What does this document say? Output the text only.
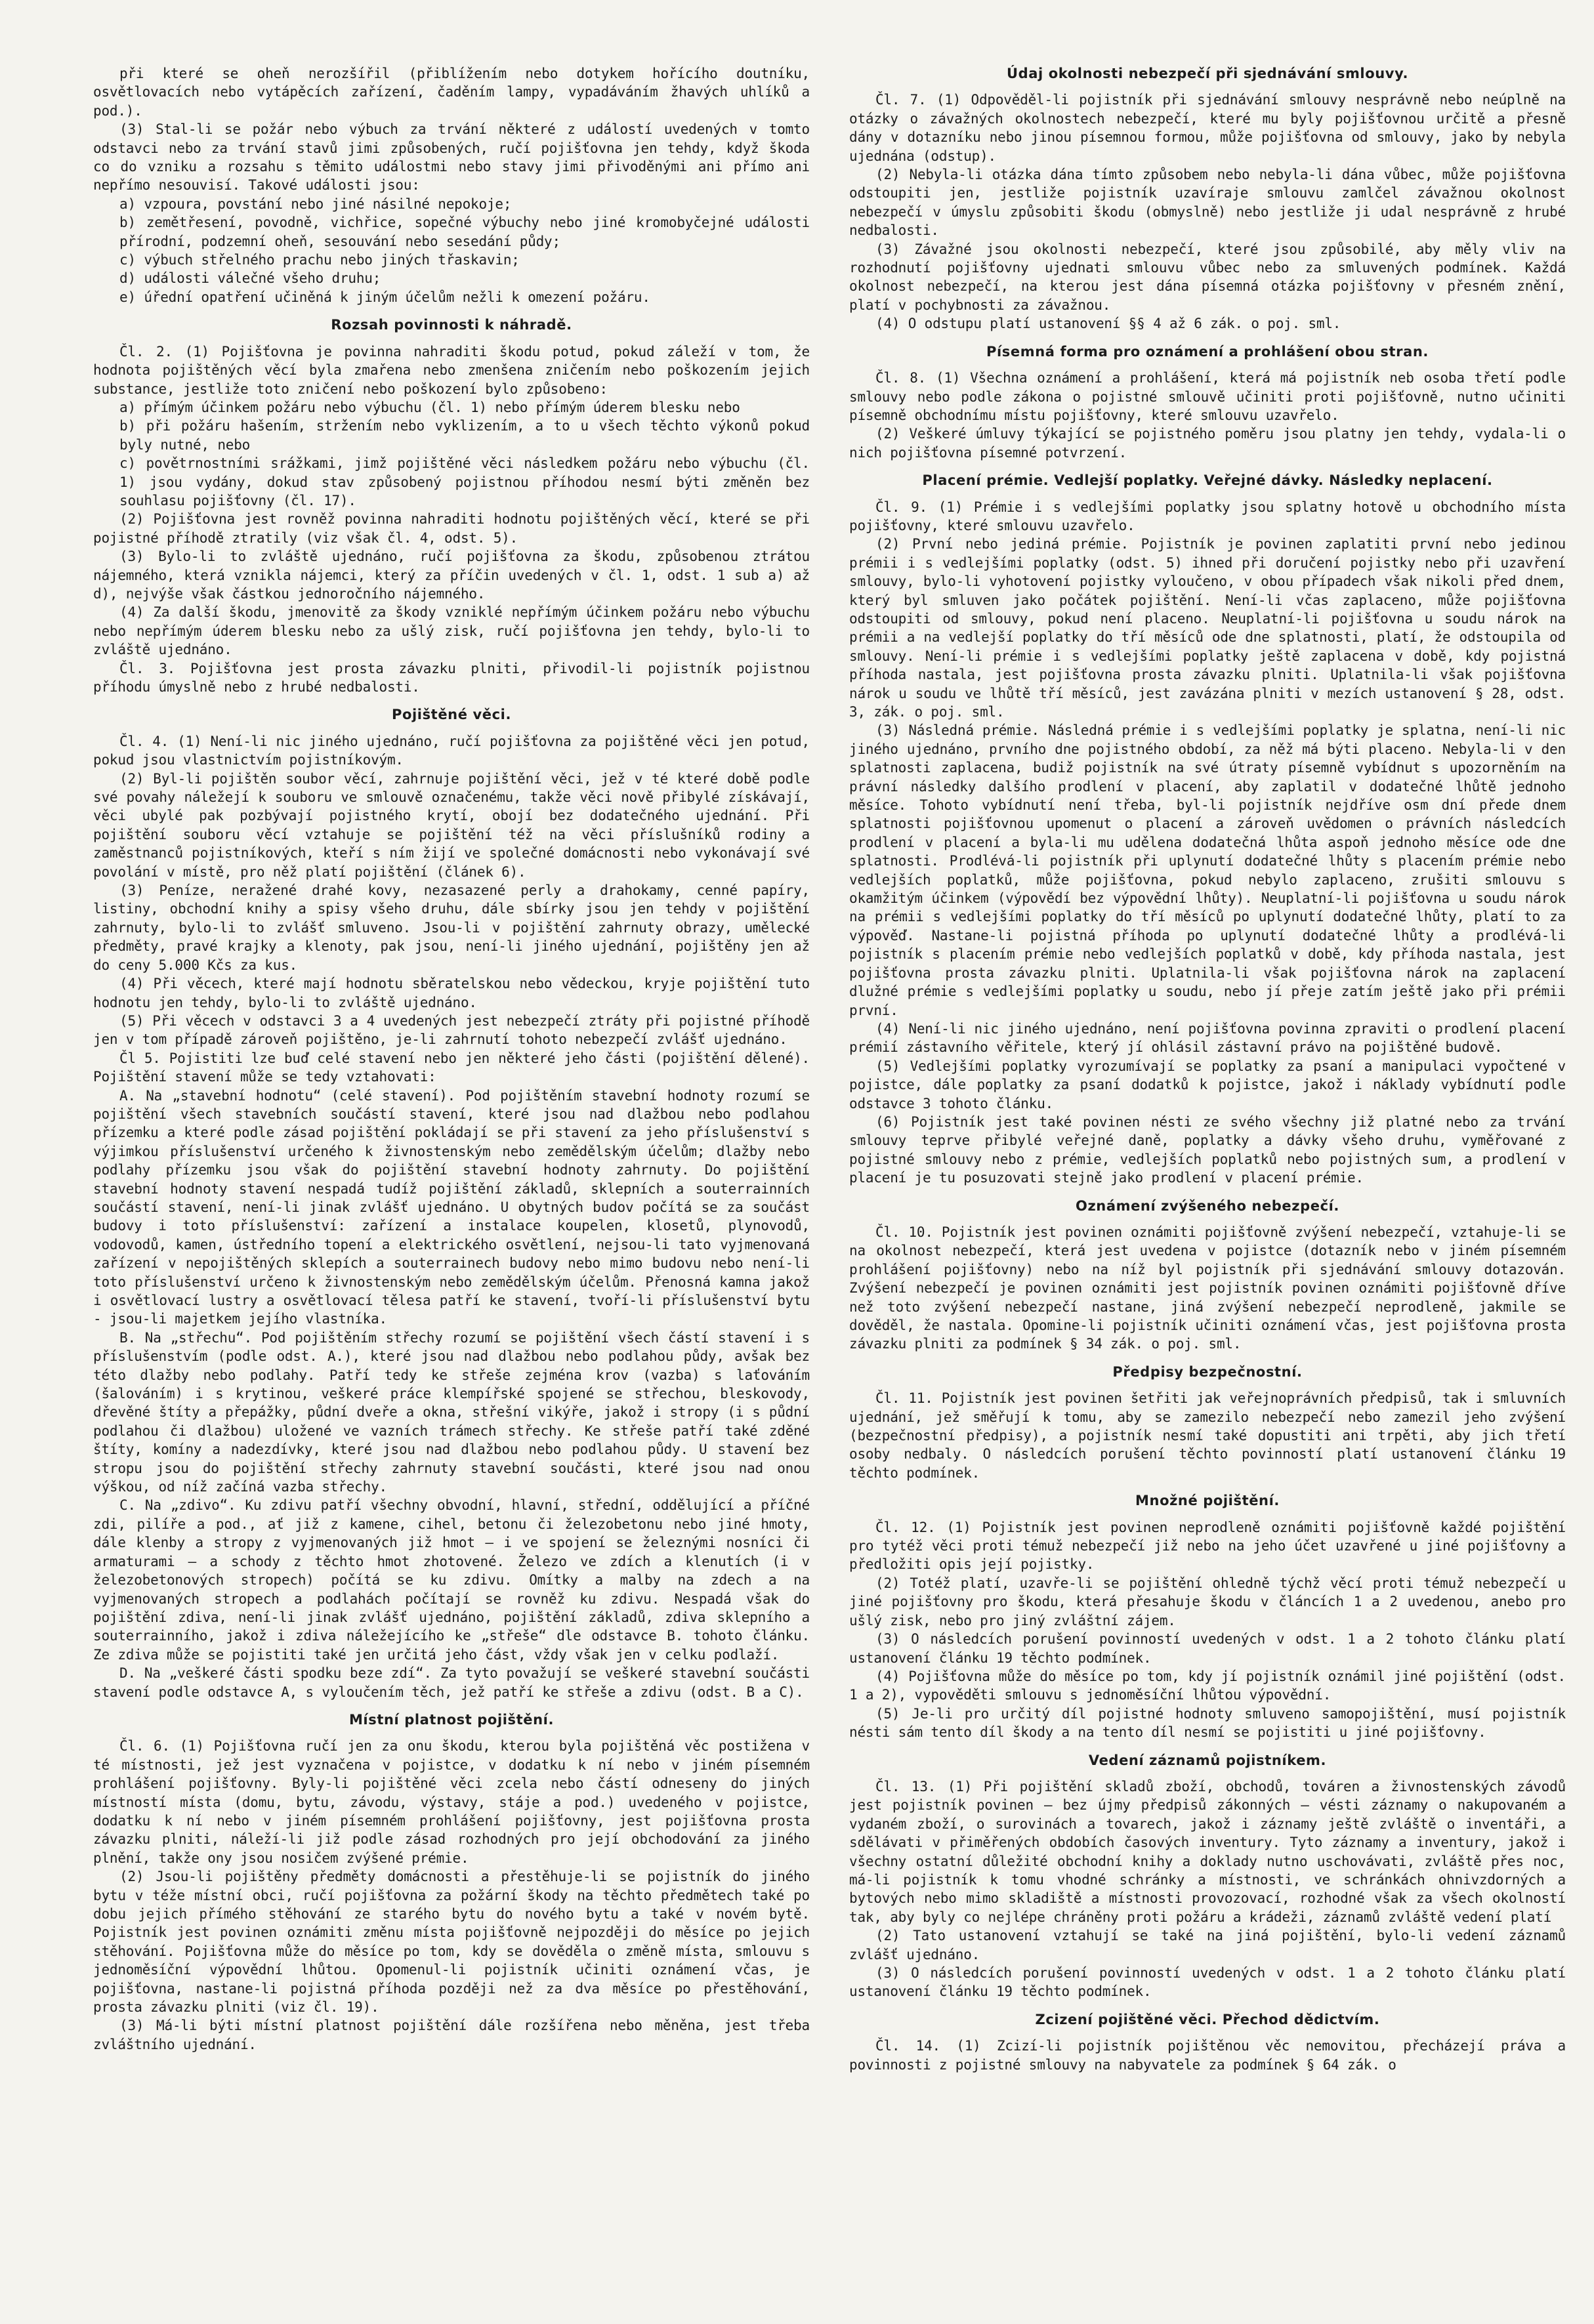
při které se oheň nerozšířil (přiblížením nebo dotykem hořícího doutníku, osvětlovacích nebo vytápěcích zařízení, čaděním lampy, vypadáváním žhavých uhlíků a pod.).

(3) Stal-li se požár nebo výbuch za trvání některé z událostí uvedených v tomto odstavci nebo za trvání stavů jimi způsobených, ručí pojišťovna jen tehdy, když škoda co do vzniku a rozsahu s těmito událostmi nebo stavy jimi přivoděnými ani přímo ani nepřímo nesouvisí. Takové události jsou:

a) vzpoura, povstání nebo jiné násilné nepokoje;

b) zemětřesení, povodně, vichřice, sopečné výbuchy nebo jiné kromobyčejné události přírodní, podzemní oheň, sesouvání nebo sesedání půdy;

c) výbuch střelného prachu nebo jiných třaskavin;

d) události válečné všeho druhu;

e) úřední opatření učiněná k jiným účelům nežli k omezení požáru.

Rozsah povinnosti k náhradě.

Čl. 2. (1) Pojišťovna je povinna nahraditi škodu potud, pokud záleží v tom, že hodnota pojištěných věcí byla zmařena nebo zmenšena zničením nebo poškozením jejich substance, jestliže toto zničení nebo poškození bylo způsobeno:

a) přímým účinkem požáru nebo výbuchu (čl. 1) nebo přímým úderem blesku nebo

b) při požáru hašením, stržením nebo vyklizením, a to u všech těchto výkonů pokud byly nutné, nebo

c) povětrnostními srážkami, jimž pojištěné věci následkem požáru nebo výbuchu (čl. 1) jsou vydány, dokud stav způsobený pojistnou příhodou nesmí býti změněn bez souhlasu pojišťovny (čl. 17).

(2) Pojišťovna jest rovněž povinna nahraditi hodnotu pojištěných věcí, které se při pojistné příhodě ztratily (viz však čl. 4, odst. 5).

(3) Bylo-li to zvláště ujednáno, ručí pojišťovna za škodu, způsobenou ztrátou nájemného, která vznikla nájemci, který za příčin uvedených v čl. 1, odst. 1 sub a) až d), nejvýše však částkou jednoročního nájemného.

(4) Za další škodu, jmenovitě za škody vzniklé nepřímým účinkem požáru nebo výbuchu nebo nepřímým úderem blesku nebo za ušlý zisk, ručí pojišťovna jen tehdy, bylo-li to zvláště ujednáno.

Čl. 3. Pojišťovna jest prosta závazku plniti, přivodil-li pojistník pojistnou příhodu úmyslně nebo z hrubé nedbalosti.

Pojištěné věci.

Čl. 4. (1) Není-li nic jiného ujednáno, ručí pojišťovna za pojištěné věci jen potud, pokud jsou vlastnictvím pojistníkovým.

(2) Byl-li pojištěn soubor věcí, zahrnuje pojištění věci, jež v té které době podle své povahy náležejí k souboru ve smlouvě označenému, takže věci nově přibylé získávají, věci ubylé pak pozbývají pojistného krytí, obojí bez dodatečného ujednání. Při pojištění souboru věcí vztahuje se pojištění též na věci příslušníků rodiny a zaměstnanců pojistníkových, kteří s ním žijí ve společné domácnosti nebo vykonávají své povolání v místě, pro něž platí pojištění (článek 6).

(3) Peníze, neražené drahé kovy, nezasazené perly a drahokamy, cenné papíry, listiny, obchodní knihy a spisy všeho druhu, dále sbírky jsou jen tehdy v pojištění zahrnuty, bylo-li to zvlášť smluveno. Jsou-li v pojištění zahrnuty obrazy, umělecké předměty, pravé krajky a klenoty, pak jsou, není-li jiného ujednání, pojištěny jen až do ceny 5.000 Kčs za kus.

(4) Při věcech, které mají hodnotu sběratelskou nebo vědeckou, kryje pojištění tuto hodnotu jen tehdy, bylo-li to zvláště ujednáno.

(5) Při věcech v odstavci 3 a 4 uvedených jest nebezpečí ztráty při pojistné příhodě jen v tom případě zároveň pojištěno, je-li zahrnutí tohoto nebezpečí zvlášť ujednáno.

Čl 5. Pojistiti lze buď celé stavení nebo jen některé jeho části (pojištění dělené). Pojištění stavení může se tedy vztahovati:

A. Na „stavební hodnotu“ (celé stavení). Pod pojištěním stavební hodnoty rozumí se pojištění všech stavebních součástí stavení, které jsou nad dlažbou nebo podlahou přízemku a které podle zásad pojištění pokládají se při stavení za jeho příslušenství s výjimkou příslušenství určeného k živnostenským nebo zemědělským účelům; dlažby nebo podlahy přízemku jsou však do pojištění stavební hodnoty zahrnuty. Do pojištění stavební hodnoty stavení nespadá tudíž pojištění základů, sklepních a souterrainních součástí stavení, není-li jinak zvlášť ujednáno. U obytných budov počítá se za součást budovy i toto příslušenství: zařízení a instalace koupelen, klosetů, plynovodů, vodovodů, kamen, ústředního topení a elektrického osvětlení, nejsou-li tato vyjmenovaná zařízení v nepojištěných sklepích a souterrainech budovy nebo mimo budovu nebo není-li toto příslušenství určeno k živnostenským nebo zemědělským účelům. Přenosná kamna jakož i osvětlovací lustry a osvětlovací tělesa patří ke stavení, tvoří-li příslušenství bytu - jsou-li majetkem jejího vlastníka.

B. Na „střechu“. Pod pojištěním střechy rozumí se pojištění všech částí stavení i s příslušenstvím (podle odst. A.), které jsou nad dlažbou nebo podlahou půdy, avšak bez této dlažby nebo podlahy. Patří tedy ke střeše zejména krov (vazba) s laťováním (šalováním) i s krytinou, veškeré práce klempířské spojené se střechou, bleskovody, dřevěné štíty a přepážky, půdní dveře a okna, střešní vikýře, jakož i stropy (i s půdní podlahou či dlažbou) uložené ve vazních trámech střechy. Ke střeše patří také zděné štíty, komíny a nadezdívky, které jsou nad dlažbou nebo podlahou půdy. U stavení bez stropu jsou do pojištění střechy zahrnuty stavební součásti, které jsou nad onou výškou, od níž začíná vazba střechy.

C. Na „zdivo“. Ku zdivu patří všechny obvodní, hlavní, střední, oddělující a příčné zdi, pilíře a pod., ať již z kamene, cihel, betonu či železobetonu nebo jiné hmoty, dále klenby a stropy z vyjmenovaných již hmot — i ve spojení se železnými nosníci či armaturami — a schody z těchto hmot zhotovené. Železo ve zdích a klenutích (i v železobetonových stropech) počítá se ku zdivu. Omítky a malby na zdech a na vyjmenovaných stropech a podlahách počítají se rovněž ku zdivu. Nespadá však do pojištění zdiva, není-li jinak zvlášť ujednáno, pojištění základů, zdiva sklepního a souterrainního, jakož i zdiva náležejícího ke „střeše“ dle odstavce B. tohoto článku. Ze zdiva může se pojistiti také jen určitá jeho část, vždy však jen v celku podlaží.

D. Na „veškeré části spodku beze zdí“. Za tyto považují se veškeré stavební součásti stavení podle odstavce A, s vyloučením těch, jež patří ke střeše a zdivu (odst. B a C).

Místní platnost pojištění.

Čl. 6. (1) Pojišťovna ručí jen za onu škodu, kterou byla pojištěná věc postižena v té místnosti, jež jest vyznačena v pojistce, v dodatku k ní nebo v jiném písemném prohlášení pojišťovny. Byly-li pojištěné věci zcela nebo částí odneseny do jiných místností místa (domu, bytu, závodu, výstavy, stáje a pod.) uvedeného v pojistce, dodatku k ní nebo v jiném písemném prohlášení pojišťovny, jest pojišťovna prosta závazku plniti, náleží-li již podle zásad rozhodných pro její obchodování za jiného plnění, takže ony jsou nosičem zvýšené prémie.

(2) Jsou-li pojištěny předměty domácnosti a přestěhuje-li se pojistník do jiného bytu v téže místní obci, ručí pojišťovna za požární škody na těchto předmětech také po dobu jejich přímého stěhování ze starého bytu do nového bytu a také v novém bytě. Pojistník jest povinen oznámiti změnu místa pojišťovně nejpozději do měsíce po jejich stěhování. Pojišťovna může do měsíce po tom, kdy se dověděla o změně místa, smlouvu s jednoměsíční výpovědní lhůtou. Opomenul-li pojistník učiniti oznámení včas, je pojišťovna, nastane-li pojistná příhoda později než za dva měsíce po přestěhování, prosta závazku plniti (viz čl. 19).

(3) Má-li býti místní platnost pojištění dále rozšířena nebo měněna, jest třeba zvláštního ujednání.

Údaj okolnosti nebezpečí při sjednávání smlouvy.

Čl. 7. (1) Odpověděl-li pojistník při sjednávání smlouvy nesprávně nebo neúplně na otázky o závažných okolnostech nebezpečí, které mu byly pojišťovnou určitě a přesně dány v dotazníku nebo jinou písemnou formou, může pojišťovna od smlouvy, jako by nebyla ujednána (odstup).

(2) Nebyla-li otázka dána tímto způsobem nebo nebyla-li dána vůbec, může pojišťovna odstoupiti jen, jestliže pojistník uzavíraje smlouvu zamlčel závažnou okolnost nebezpečí v úmyslu způsobiti škodu (obmyslně) nebo jestliže ji udal nesprávně z hrubé nedbalosti.

(3) Závažné jsou okolnosti nebezpečí, které jsou způsobilé, aby měly vliv na rozhodnutí pojišťovny ujednati smlouvu vůbec nebo za smluvených podmínek. Každá okolnost nebezpečí, na kterou jest dána písemná otázka pojišťovny v přesném znění, platí v pochybnosti za závažnou.

(4) O odstupu platí ustanovení §§ 4 až 6 zák. o poj. sml.

Písemná forma pro oznámení a prohlášení obou stran.

Čl. 8. (1) Všechna oznámení a prohlášení, která má pojistník neb osoba třetí podle smlouvy nebo podle zákona o pojistné smlouvě učiniti proti pojišťovně, nutno učiniti písemně obchodnímu místu pojišťovny, které smlouvu uzavřelo.

(2) Veškeré úmluvy týkající se pojistného poměru jsou platny jen tehdy, vydala-li o nich pojišťovna písemné potvrzení.

Placení prémie. Vedlejší poplatky. Veřejné dávky. Následky neplacení.

Čl. 9. (1) Prémie i s vedlejšími poplatky jsou splatny hotově u obchodního místa pojišťovny, které smlouvu uzavřelo.

(2) První nebo jediná prémie. Pojistník je povinen zaplatiti první nebo jedinou prémii i s vedlejšími poplatky (odst. 5) ihned při doručení pojistky nebo při uzavření smlouvy, bylo-li vyhotovení pojistky vyloučeno, v obou případech však nikoli před dnem, který byl smluven jako počátek pojištění. Není-li včas zaplaceno, může pojišťovna odstoupiti od smlouvy, pokud není placeno. Neuplatní-li pojišťovna u soudu nárok na prémii a na vedlejší poplatky do tří měsíců ode dne splatnosti, platí, že odstoupila od smlouvy. Není-li prémie i s vedlejšími poplatky ještě zaplacena v době, kdy pojistná příhoda nastala, jest pojišťovna prosta závazku plniti. Uplatnila-li však pojišťovna nárok u soudu ve lhůtě tří měsíců, jest zavázána plniti v mezích ustanovení § 28, odst. 3, zák. o poj. sml.

(3) Následná prémie. Následná prémie i s vedlejšími poplatky je splatna, není-li nic jiného ujednáno, prvního dne pojistného období, za něž má býti placeno. Nebyla-li v den splatnosti zaplacena, budiž pojistník na své útraty písemně vybídnut s upozorněním na právní následky dalšího prodlení v placení, aby zaplatil v dodatečné lhůtě jednoho měsíce. Tohoto vybídnutí není třeba, byl-li pojistník nejdříve osm dní přede dnem splatnosti pojišťovnou upomenut o placení a zároveň uvědomen o právních následcích prodlení v placení a byla-li mu udělena dodatečná lhůta aspoň jednoho měsíce ode dne splatnosti. Prodlévá-li pojistník při uplynutí dodatečné lhůty s placením prémie nebo vedlejších poplatků, může pojišťovna, pokud nebylo zaplaceno, zrušiti smlouvu s okamžitým účinkem (výpovědí bez výpovědní lhůty). Neuplatní-li pojišťovna u soudu nárok na prémii s vedlejšími poplatky do tří měsíců po uplynutí dodatečné lhůty, platí to za výpověď. Nastane-li pojistná příhoda po uplynutí dodatečné lhůty a prodlévá-li pojistník s placením prémie nebo vedlejších poplatků v době, kdy příhoda nastala, jest pojišťovna prosta závazku plniti. Uplatnila-li však pojišťovna nárok na zaplacení dlužné prémie s vedlejšími poplatky u soudu, nebo jí přeje zatím ještě jako při prémii první.

(4) Není-li nic jiného ujednáno, není pojišťovna povinna zpraviti o prodlení placení prémií zástavního věřitele, který jí ohlásil zástavní právo na pojištěné budově.

(5) Vedlejšími poplatky vyrozumívají se poplatky za psaní a manipulaci vypočtené v pojistce, dále poplatky za psaní dodatků k pojistce, jakož i náklady vybídnutí podle odstavce 3 tohoto článku.

(6) Pojistník jest také povinen nésti ze svého všechny již platné nebo za trvání smlouvy teprve přibylé veřejné daně, poplatky a dávky všeho druhu, vyměřované z pojistné smlouvy nebo z prémie, vedlejších poplatků nebo pojistných sum, a prodlení v placení je tu posuzovati stejně jako prodlení v placení prémie.

Oznámení zvýšeného nebezpečí.

Čl. 10. Pojistník jest povinen oznámiti pojišťovně zvýšení nebezpečí, vztahuje-li se na okolnost nebezpečí, která jest uvedena v pojistce (dotazník nebo v jiném písemném prohlášení pojišťovny) nebo na níž byl pojistník při sjednávání smlouvy dotazován. Zvýšení nebezpečí je povinen oznámiti jest pojistník povinen oznámiti pojišťovně dříve než toto zvýšení nebezpečí nastane, jiná zvýšení nebezpečí neprodleně, jakmile se dověděl, že nastala. Opomine-li pojistník učiniti oznámení včas, jest pojišťovna prosta závazku plniti za podmínek § 34 zák. o poj. sml.

Předpisy bezpečnostní.

Čl. 11. Pojistník jest povinen šetřiti jak veřejnoprávních předpisů, tak i smluvních ujednání, jež směřují k tomu, aby se zamezilo nebezpečí nebo zamezil jeho zvýšení (bezpečnostní předpisy), a pojistník nesmí také dopustiti ani trpěti, aby jich třetí osoby nedbaly. O následcích porušení těchto povinností platí ustanovení článku 19 těchto podmínek.

Množné pojištění.

Čl. 12. (1) Pojistník jest povinen neprodleně oznámiti pojišťovně každé pojištění pro tytéž věci proti témuž nebezpečí již nebo na jeho účet uzavřené u jiné pojišťovny a předložiti opis její pojistky.

(2) Totéž platí, uzavře-li se pojištění ohledně týchž věcí proti témuž nebezpečí u jiné pojišťovny pro škodu, která přesahuje škodu v článcích 1 a 2 uvedenou, anebo pro ušlý zisk, nebo pro jiný zvláštní zájem.

(3) O následcích porušení povinností uvedených v odst. 1 a 2 tohoto článku platí ustanovení článku 19 těchto podmínek.

(4) Pojišťovna může do měsíce po tom, kdy jí pojistník oznámil jiné pojištění (odst. 1 a 2), vypověděti smlouvu s jednoměsíční lhůtou výpovědní.

(5) Je-li pro určitý díl pojistné hodnoty smluveno samopojištění, musí pojistník nésti sám tento díl škody a na tento díl nesmí se pojistiti u jiné pojišťovny.

Vedení záznamů pojistníkem.

Čl. 13. (1) Při pojištění skladů zboží, obchodů, továren a živnostenských závodů jest pojistník povinen — bez újmy předpisů zákonných — vésti záznamy o nakupovaném a vydaném zboží, o surovinách a tovarech, jakož i záznamy ještě zvláště o inventáři, a sdělávati v přiměřených obdobích časových inventury. Tyto záznamy a inventury, jakož i všechny ostatní důležité obchodní knihy a doklady nutno uschovávati, zvláště přes noc, má-li pojistník k tomu vhodné schránky a místnosti, ve schránkách ohnivzdorných a bytových nebo mimo skladiště a místnosti provozovací, rozhodné však za všech okolností tak, aby byly co nejlépe chráněny proti požáru a krádeži, záznamů zvláště vedení platí

(2) Tato ustanovení vztahují se také na jiná pojištění, bylo-li vedení záznamů zvlášť ujednáno.

(3) O následcích porušení povinností uvedených v odst. 1 a 2 tohoto článku platí ustanovení článku 19 těchto podmínek.

Zcizení pojištěné věci. Přechod dědictvím.

Čl. 14. (1) Zcizí-li pojistník pojištěnou věc nemovitou, přecházejí práva a povinnosti z pojistné smlouvy na nabyvatele za podmínek § 64 zák. o
